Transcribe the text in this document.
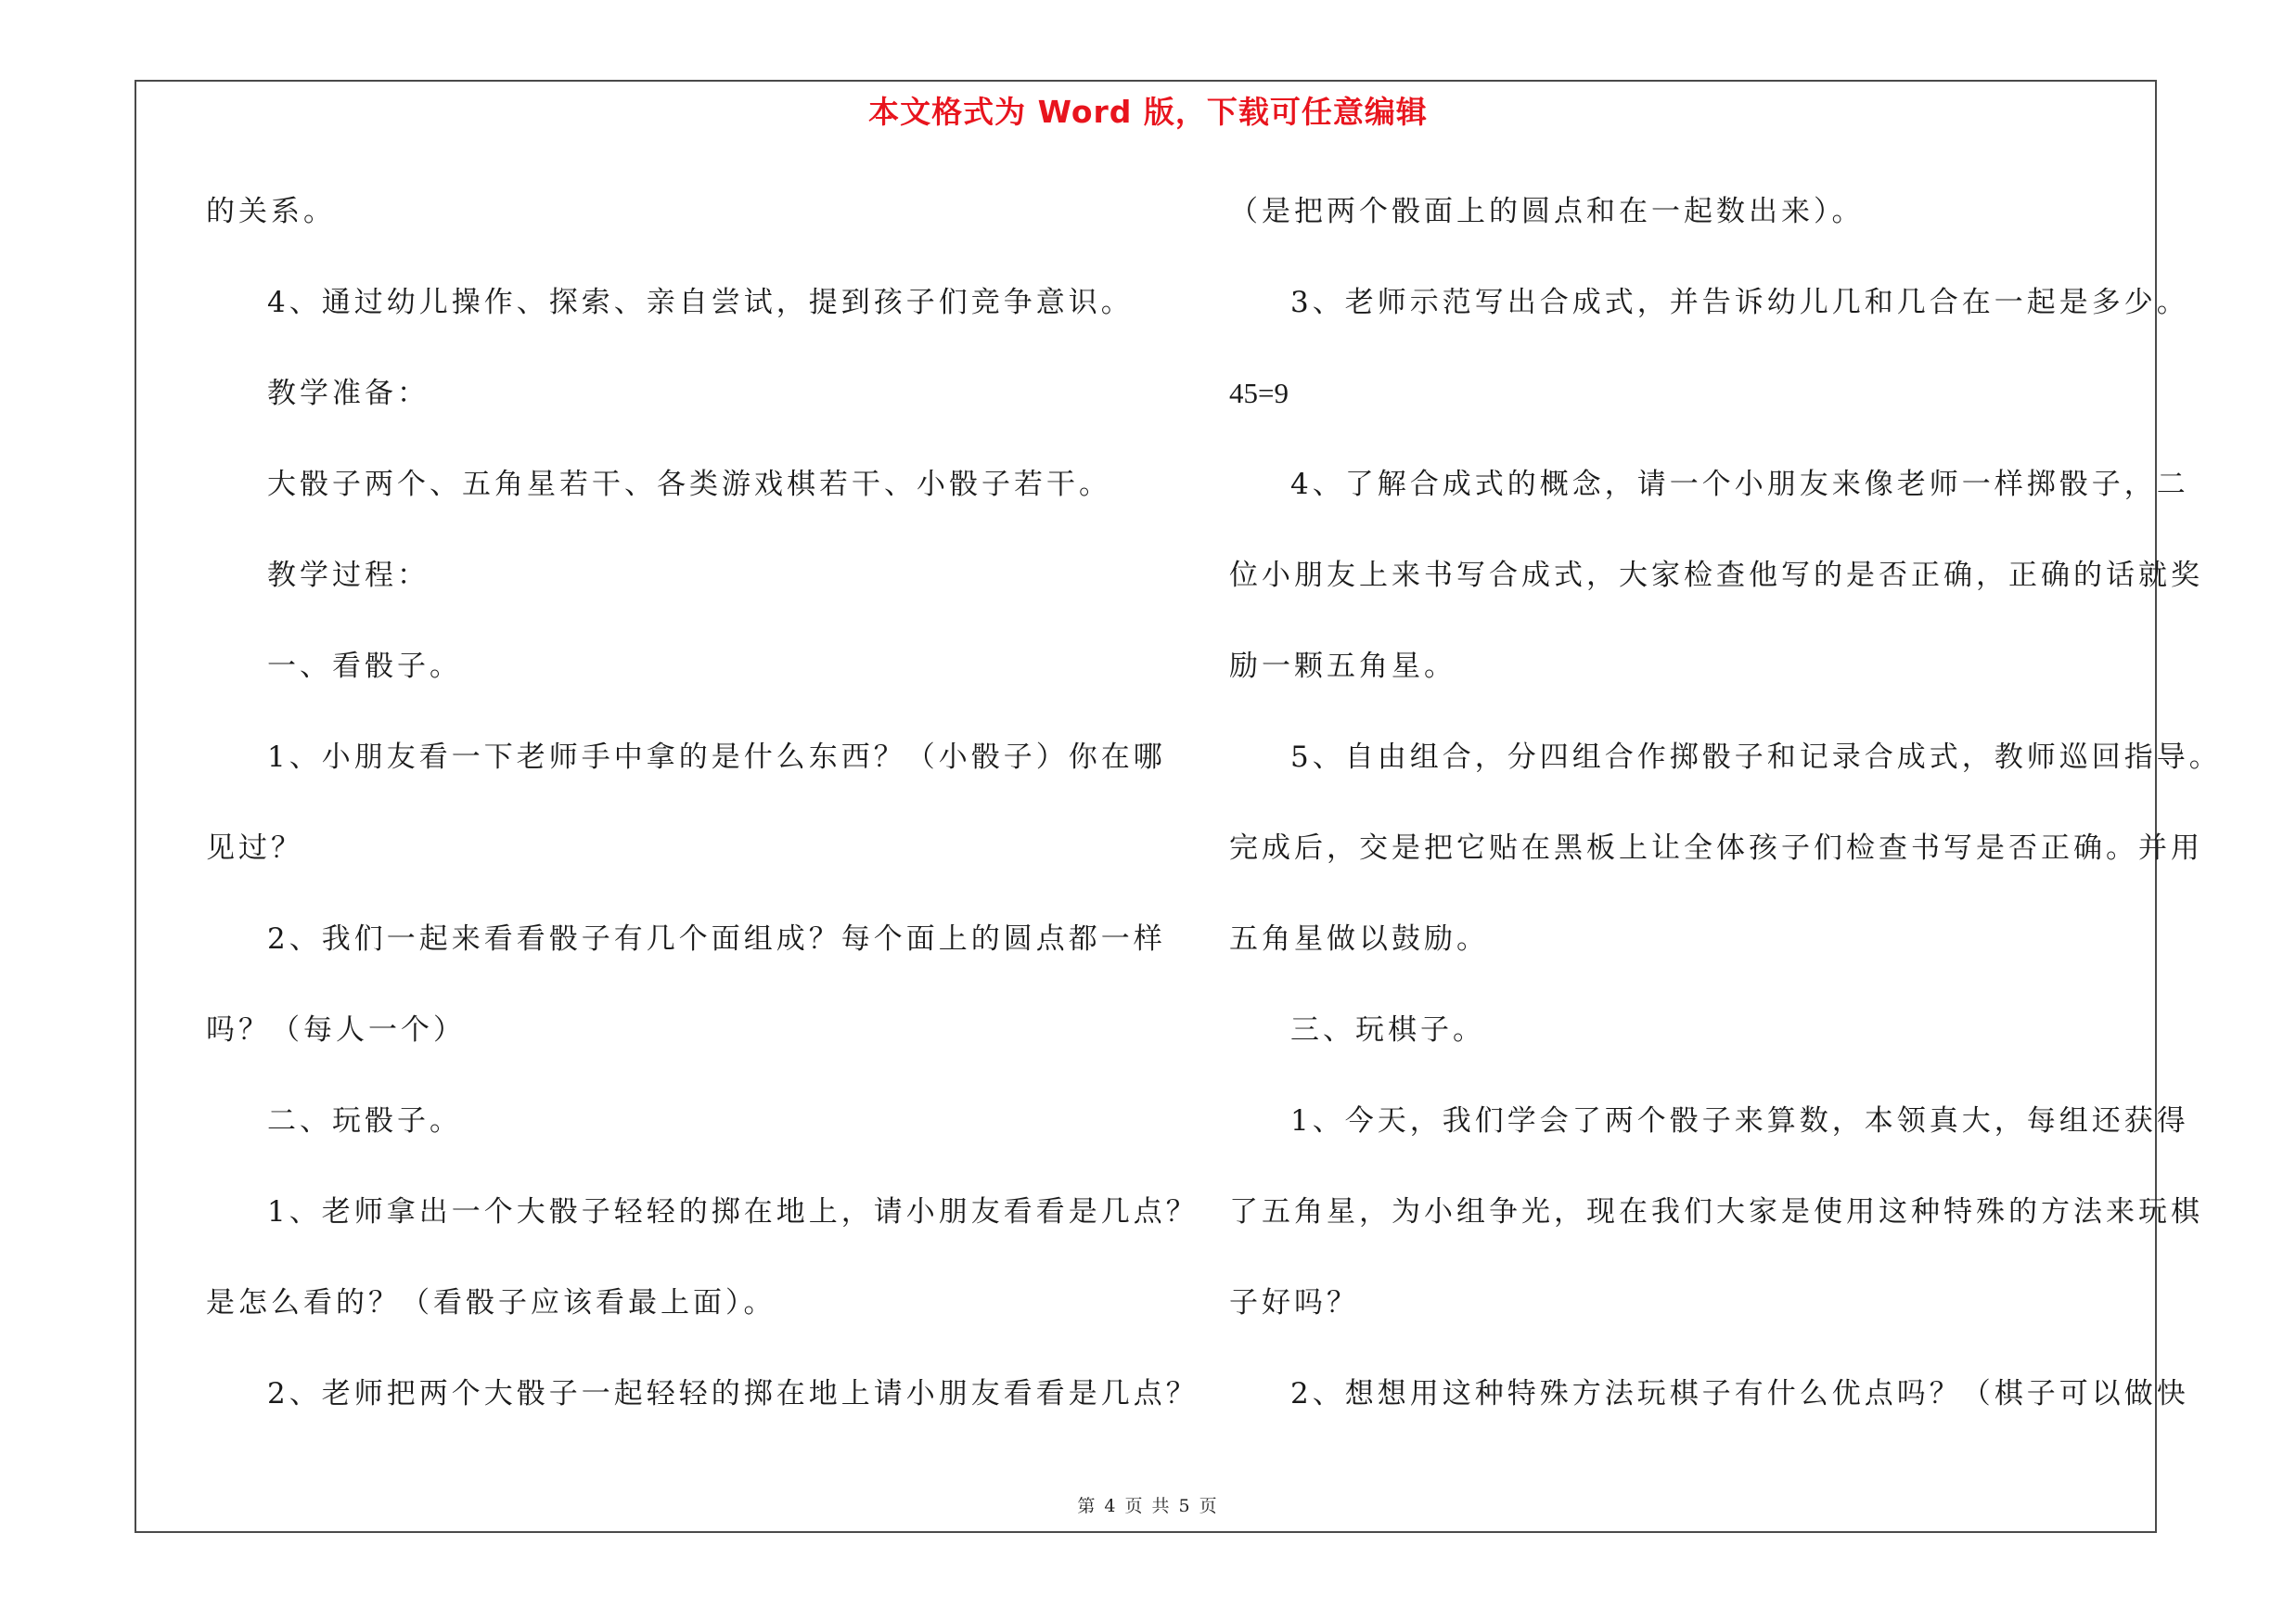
本文格式为 Word 版，下载可任意编辑
的关系。
4、通过幼儿操作、探索、亲自尝试，提到孩子们竞争意识。
教学准备：
大骰子两个、五角星若干、各类游戏棋若干、小骰子若干。
教学过程：
一、看骰子。
1、小朋友看一下老师手中拿的是什么东西？（小骰子）你在哪
见过？
2、我们一起来看看骰子有几个面组成？每个面上的圆点都一样
吗？（每人一个）
二、玩骰子。
1、老师拿出一个大骰子轻轻的掷在地上，请小朋友看看是几点？
是怎么看的？（看骰子应该看最上面）。
2、老师把两个大骰子一起轻轻的掷在地上请小朋友看看是几点？
（是把两个骰面上的圆点和在一起数出来）。
3、老师示范写出合成式，并告诉幼儿几和几合在一起是多少。
45=9
4、了解合成式的概念，请一个小朋友来像老师一样掷骰子，二
位小朋友上来书写合成式，大家检查他写的是否正确，正确的话就奖
励一颗五角星。
5、自由组合，分四组合作掷骰子和记录合成式，教师巡回指导。
完成后，交是把它贴在黑板上让全体孩子们检查书写是否正确。并用
五角星做以鼓励。
三、玩棋子。
1、今天，我们学会了两个骰子来算数，本领真大，每组还获得
了五角星，为小组争光，现在我们大家是使用这种特殊的方法来玩棋
子好吗？
2、想想用这种特殊方法玩棋子有什么优点吗？（棋子可以做快
第 4 页 共 5 页
